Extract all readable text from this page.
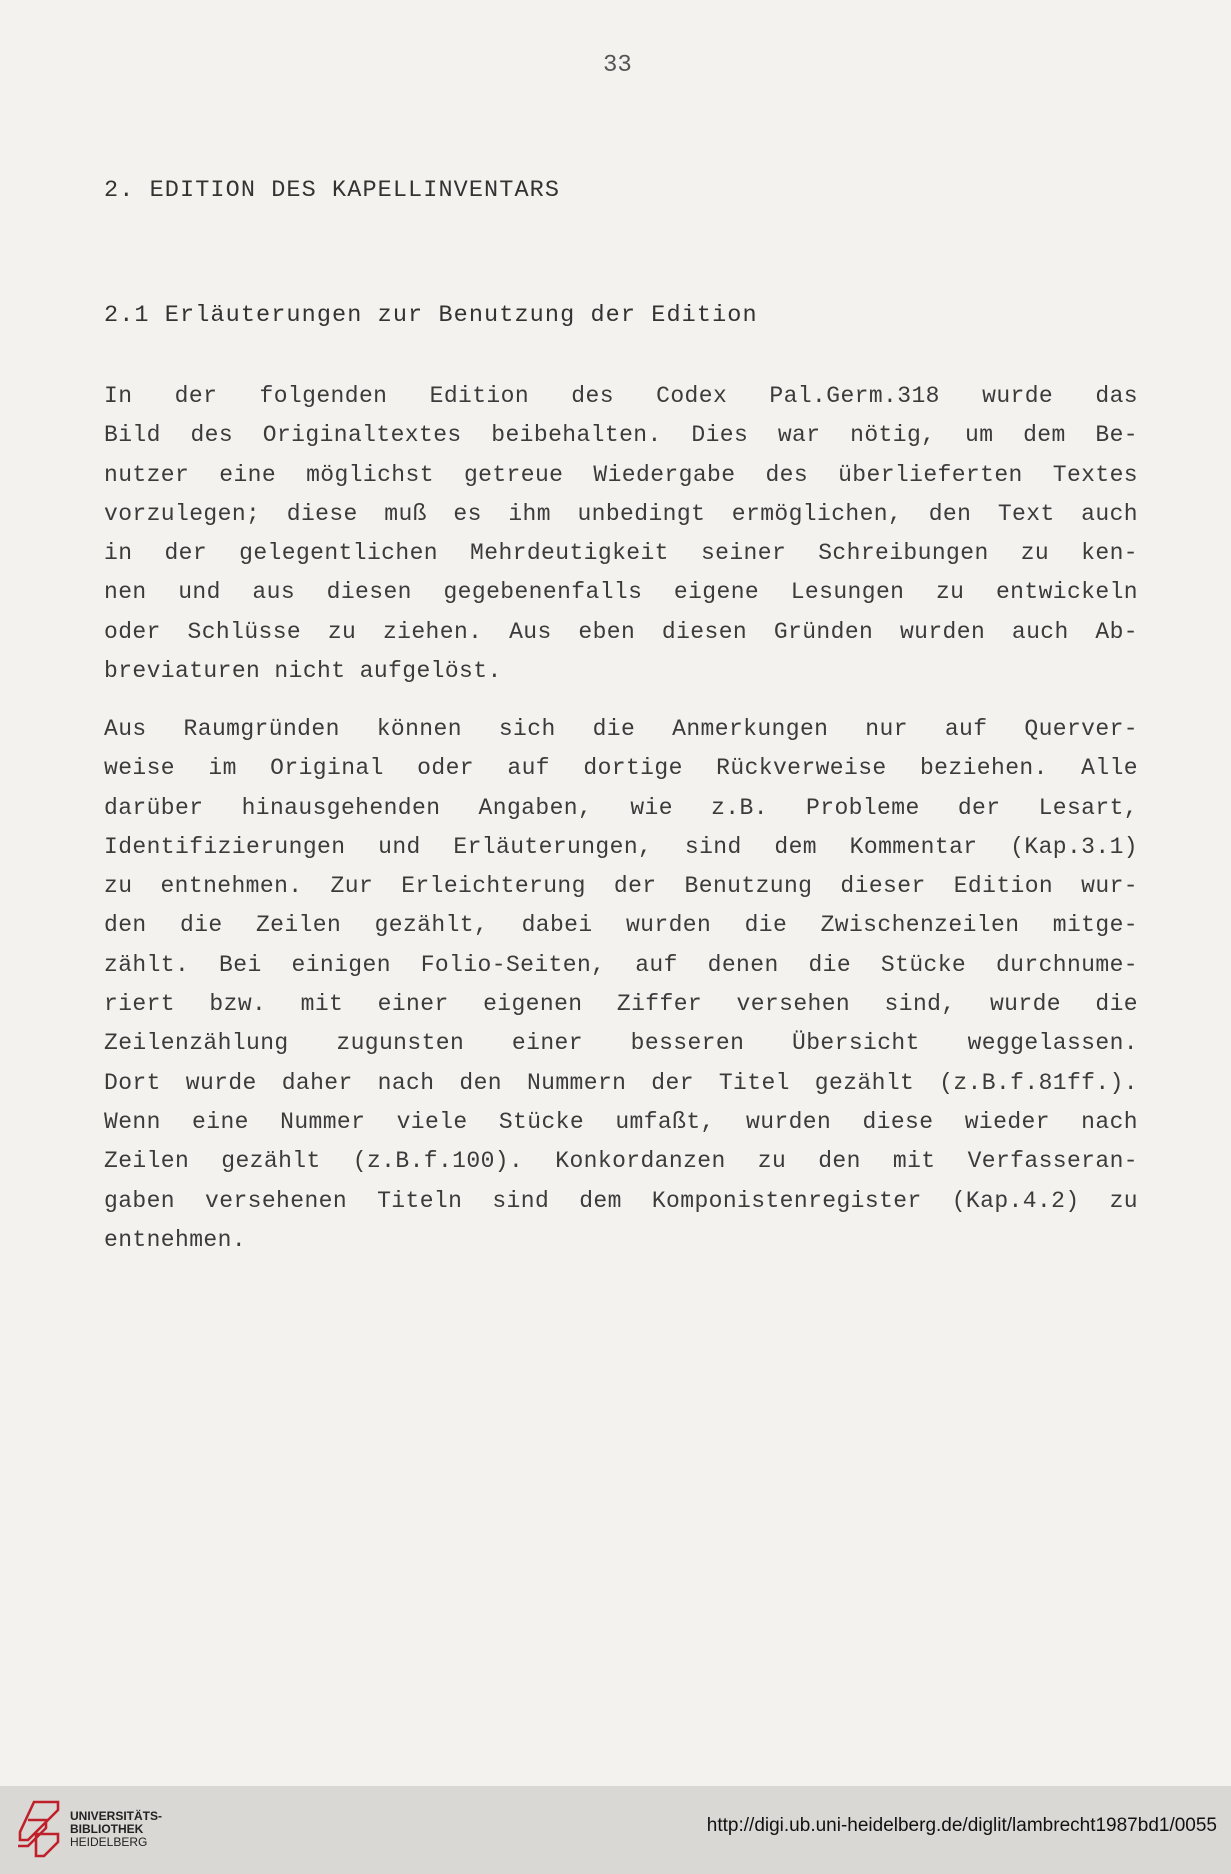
33
2. EDITION DES KAPELLINVENTARS
2.1 Erläuterungen zur Benutzung der Edition
In der folgenden Edition des Codex Pal.Germ.318 wurde das
Bild des Originaltextes beibehalten. Dies war nötig, um dem Be-
nutzer eine möglichst getreue Wiedergabe des überlieferten Textes
vorzulegen; diese muß es ihm unbedingt ermöglichen, den Text auch
in der gelegentlichen Mehrdeutigkeit seiner Schreibungen zu ken-
nen und aus diesen gegebenenfalls eigene Lesungen zu entwickeln
oder Schlüsse zu ziehen. Aus eben diesen Gründen wurden auch Ab-
breviaturen nicht aufgelöst.
Aus Raumgründen können sich die Anmerkungen nur auf Querver-
weise im Original oder auf dortige Rückverweise beziehen. Alle
darüber hinausgehenden Angaben, wie z.B. Probleme der Lesart,
Identifizierungen und Erläuterungen, sind dem Kommentar (Kap.3.1)
zu entnehmen. Zur Erleichterung der Benutzung dieser Edition wur-
den die Zeilen gezählt, dabei wurden die Zwischenzeilen mitge-
zählt. Bei einigen Folio-Seiten, auf denen die Stücke durchnume-
riert bzw. mit einer eigenen Ziffer versehen sind, wurde die
Zeilenzählung zugunsten einer besseren Übersicht weggelassen.
Dort wurde daher nach den Nummern der Titel gezählt (z.B.f.81ff.).
Wenn eine Nummer viele Stücke umfaßt, wurden diese wieder nach
Zeilen gezählt (z.B.f.100). Konkordanzen zu den mit Verfasseran-
gaben versehenen Titeln sind dem Komponistenregister (Kap.4.2) zu
entnehmen.
UNIVERSITÄTS-
BIBLIOTHEK
HEIDELBERG
http://digi.ub.uni-heidelberg.de/diglit/lambrecht1987bd1/0055
